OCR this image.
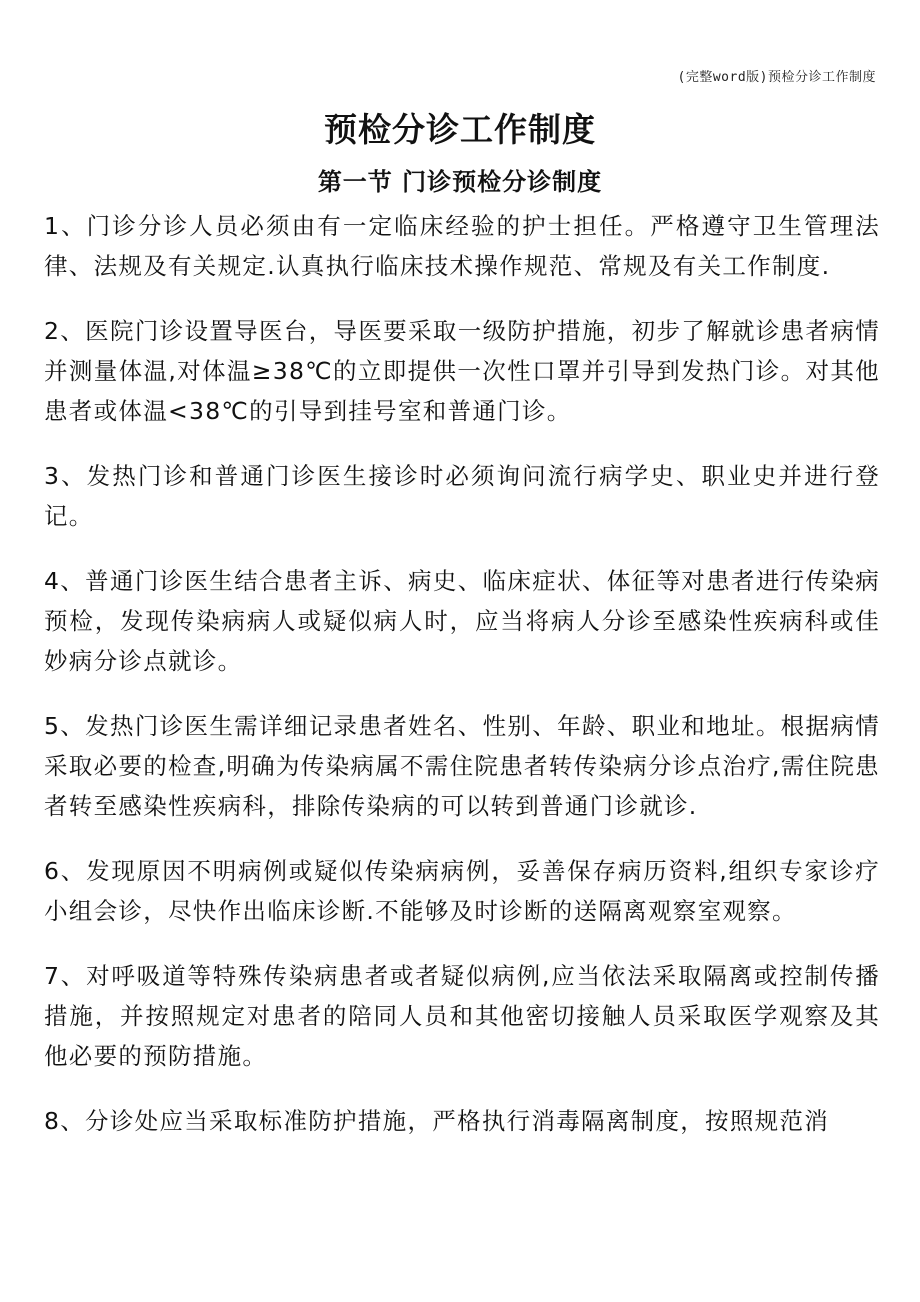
(完整word版)预检分诊工作制度
预检分诊工作制度
第一节 门诊预检分诊制度

1、门诊分诊人员必须由有一定临床经验的护士担任。严格遵守卫生管理法律、法规及有关规定.认真执行临床技术操作规范、常规及有关工作制度.

2、医院门诊设置导医台，导医要采取一级防护措施，初步了解就诊患者病情并测量体温,对体温≥38℃的立即提供一次性口罩并引导到发热门诊。对其他患者或体温<38℃的引导到挂号室和普通门诊。

3、发热门诊和普通门诊医生接诊时必须询问流行病学史、职业史并进行登记。

4、普通门诊医生结合患者主诉、病史、临床症状、体征等对患者进行传染病预检，发现传染病病人或疑似病人时，应当将病人分诊至感染性疾病科或佳妙病分诊点就诊。

5、发热门诊医生需详细记录患者姓名、性别、年龄、职业和地址。根据病情采取必要的检查,明确为传染病属不需住院患者转传染病分诊点治疗,需住院患者转至感染性疾病科，排除传染病的可以转到普通门诊就诊.

6、发现原因不明病例或疑似传染病病例，妥善保存病历资料,组织专家诊疗小组会诊，尽快作出临床诊断.不能够及时诊断的送隔离观察室观察。

7、对呼吸道等特殊传染病患者或者疑似病例,应当依法采取隔离或控制传播措施，并按照规定对患者的陪同人员和其他密切接触人员采取医学观察及其他必要的预防措施。

8、分诊处应当采取标准防护措施，严格执行消毒隔离制度，按照规范消
